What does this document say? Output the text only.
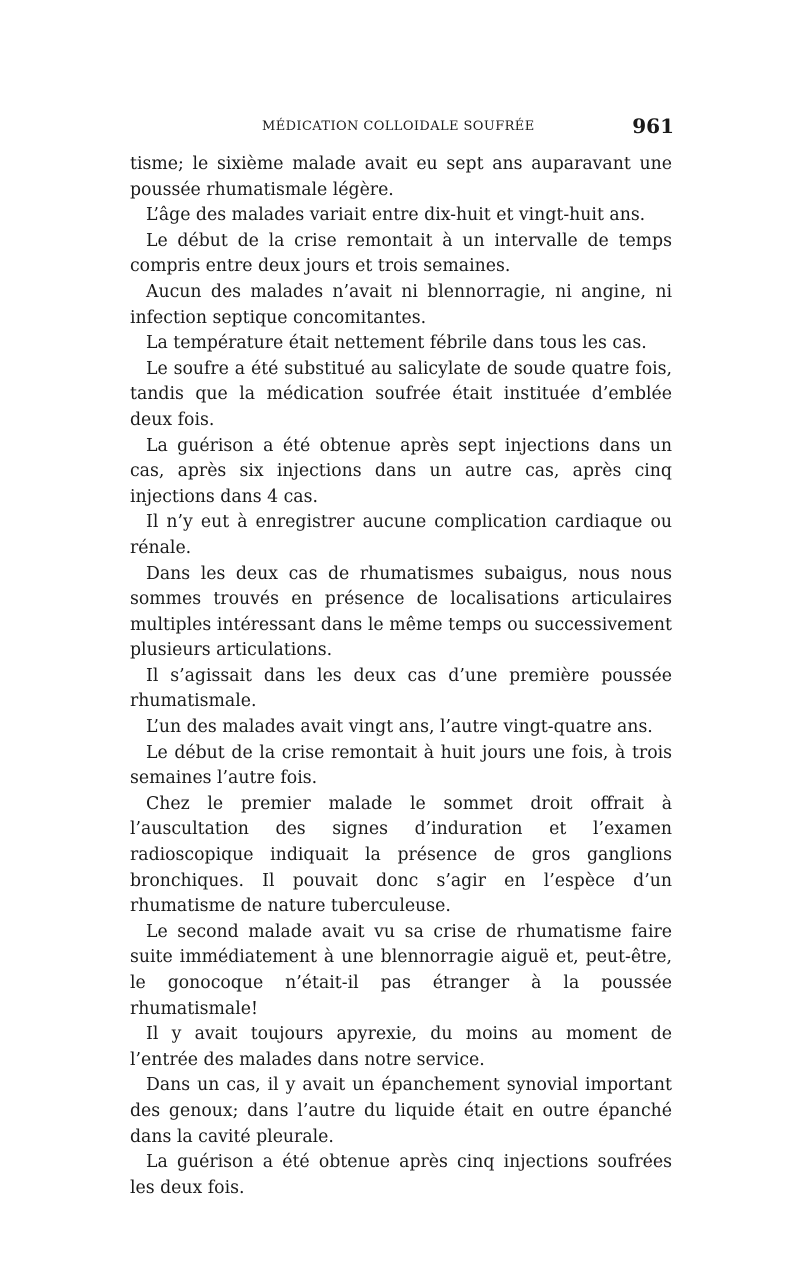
MÉDICATION COLLOIDALE SOUFRÉE	961

tisme; le sixième malade avait eu sept ans auparavant une poussée rhumatismale légère.

L’âge des malades variait entre dix-huit et vingt-huit ans.

Le début de la crise remontait à un intervalle de temps compris entre deux jours et trois semaines.

Aucun des malades n’avait ni blennorragie, ni angine, ni infection septique concomitantes.

La température était nettement fébrile dans tous les cas.

Le soufre a été substitué au salicylate de soude quatre fois, tandis que la médication soufrée était instituée d’emblée deux fois.

La guérison a été obtenue après sept injections dans un cas, après six injections dans un autre cas, après cinq injections dans 4 cas.

Il n’y eut à enregistrer aucune complication cardiaque ou rénale.

Dans les deux cas de rhumatismes subaigus, nous nous sommes trouvés en présence de localisations articulaires multiples intéressant dans le même temps ou successivement plusieurs articulations.

Il s’agissait dans les deux cas d’une première poussée rhumatismale.

L’un des malades avait vingt ans, l’autre vingt-quatre ans.

Le début de la crise remontait à huit jours une fois, à trois semaines l’autre fois.

Chez le premier malade le sommet droit offrait à l’auscultation des signes d’induration et l’examen radioscopique indiquait la présence de gros ganglions bronchiques. Il pouvait donc s’agir en l’espèce d’un rhumatisme de nature tuberculeuse.

Le second malade avait vu sa crise de rhumatisme faire suite immédiatement à une blennorragie aiguë et, peut-être, le gonocoque n’était-il pas étranger à la poussée rhumatismale!

Il y avait toujours apyrexie, du moins au moment de l’entrée des malades dans notre service.

Dans un cas, il y avait un épanchement synovial important des genoux; dans l’autre du liquide était en outre épanché dans la cavité pleurale.

La guérison a été obtenue après cinq injections soufrées les deux fois.
